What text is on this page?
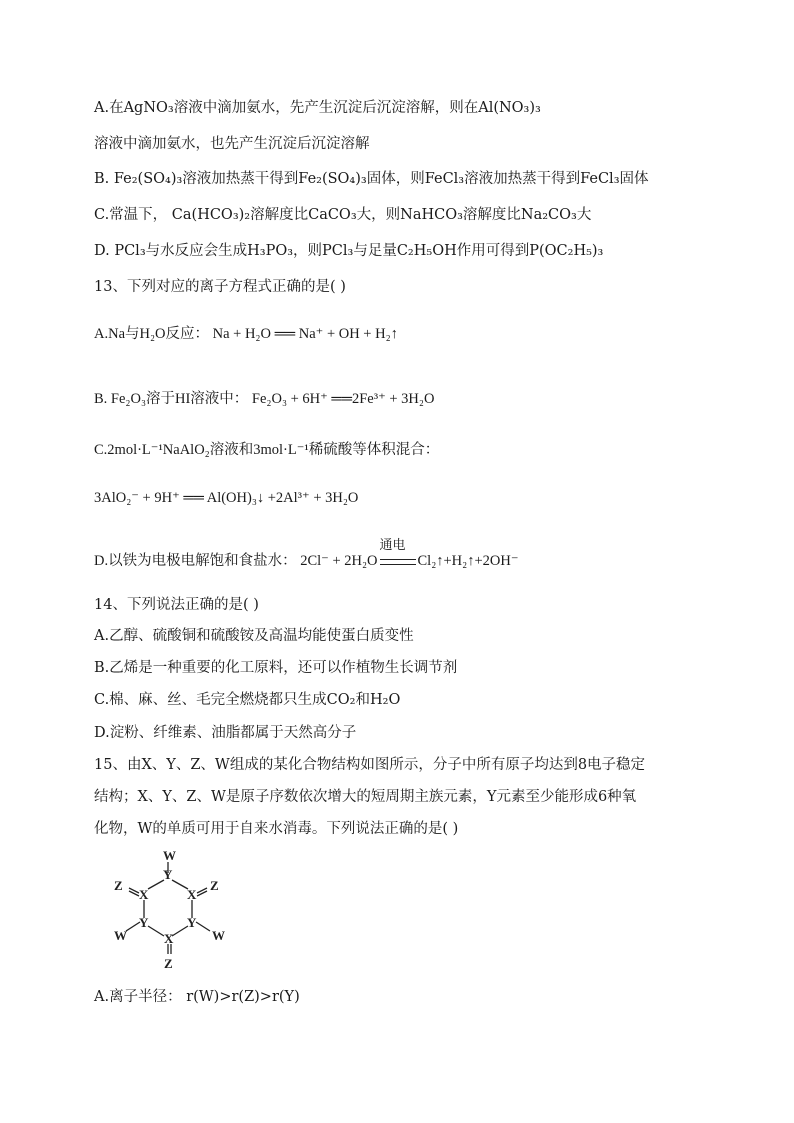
A.在AgNO₃溶液中滴加氨水，先产生沉淀后沉淀溶解，则在Al(NO₃)₃
溶液中滴加氨水，也先产生沉淀后沉淀溶解
B. Fe₂(SO₄)₃溶液加热蒸干得到Fe₂(SO₄)₃固体，则FeCl₃溶液加热蒸干得到FeCl₃固体
C.常温下， Ca(HCO₃)₂溶解度比CaCO₃大，则NaHCO₃溶解度比Na₂CO₃大
D. PCl₃与水反应会生成H₃PO₃，则PCl₃与足量C₂H₅OH作用可得到P(OC₂H₅)₃
13、下列对应的离子方程式正确的是( )
A.Na与H₂O反应： Na + H₂O ══ Na⁺ + OH + H₂↑
B. Fe₂O₃溶于HI溶液中： Fe₂O₃ + 6H⁺ ══2Fe³⁺ + 3H₂O
C.2mol·L⁻¹NaAlO₂溶液和3mol·L⁻¹稀硫酸等体积混合：
3AlO₂⁻ + 9H⁺ ══ Al(OH)₃↓ +2Al³⁺ + 3H₂O
D.以铁为电极电解饱和食盐水： 2Cl⁻ + 2H₂O
通电
Cl₂↑+H₂↑+2OH⁻
14、下列说法正确的是( )
A.乙醇、硫酸铜和硫酸铵及高温均能使蛋白质变性
B.乙烯是一种重要的化工原料，还可以作植物生长调节剂
C.棉、麻、丝、毛完全燃烧都只生成CO₂和H₂O
D.淀粉、纤维素、油脂都属于天然高分子
15、由X、Y、Z、W组成的某化合物结构如图所示，分子中所有原子均达到8电子稳定
结构；X、Y、Z、W是原子序数依次增大的短周期主族元素，Y元素至少能形成6种氧
化物，W的单质可用于自来水消毒。下列说法正确的是( )
W
Y
Z
X	X
Z
W
Y	Y
W
X
Z
A.离子半径： r(W)>r(Z)>r(Y)
